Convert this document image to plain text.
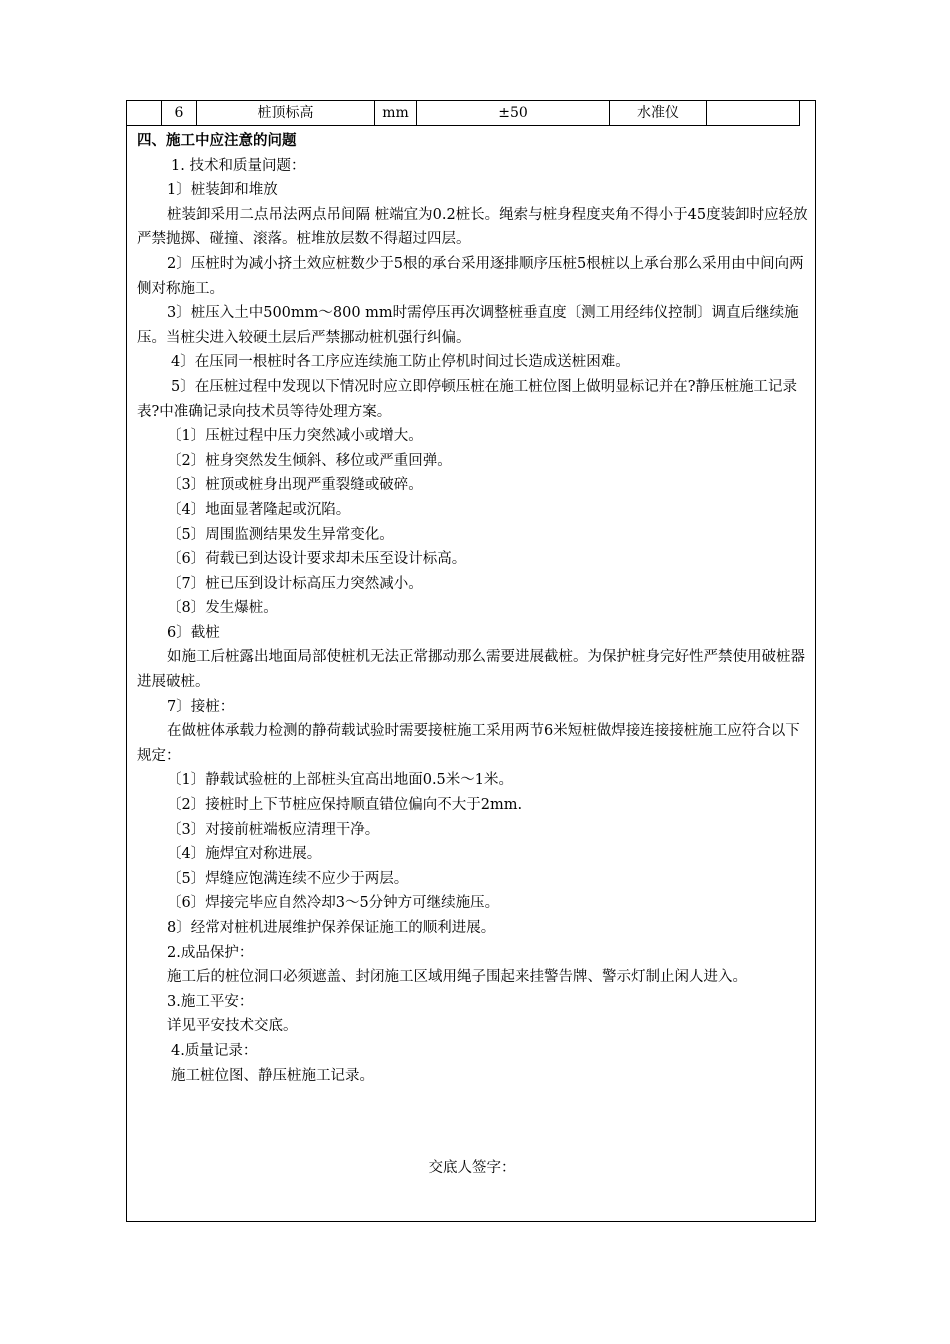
6	桩顶标高	mm	±50	水准仪

四、施工中应注意的问题

1. 技术和质量问题：

1〕桩装卸和堆放

桩装卸采用二点吊法两点吊间隔 桩端宜为0.2桩长。绳索与桩身程度夹角不得小于45度装卸时应轻放严禁抛掷、碰撞、滚落。桩堆放层数不得超过四层。

2〕压桩时为减小挤土效应桩数少于5根的承台采用逐排顺序压桩5根桩以上承台那么采用由中间向两侧对称施工。

3〕桩压入土中500mm～800 mm时需停压再次调整桩垂直度〔测工用经纬仪控制〕调直后继续施压。当桩尖进入较硬土层后严禁挪动桩机强行纠偏。

4〕在压同一根桩时各工序应连续施工防止停机时间过长造成送桩困难。

5〕在压桩过程中发现以下情况时应立即停顿压桩在施工桩位图上做明显标记并在?静压桩施工记录表?中准确记录向技术员等待处理方案。

〔1〕压桩过程中压力突然减小或增大。

〔2〕桩身突然发生倾斜、移位或严重回弹。

〔3〕桩顶或桩身出现严重裂缝或破碎。

〔4〕地面显著隆起或沉陷。

〔5〕周围监测结果发生异常变化。

〔6〕荷载已到达设计要求却未压至设计标高。

〔7〕桩已压到设计标高压力突然减小。

〔8〕发生爆桩。

6〕截桩

如施工后桩露出地面局部使桩机无法正常挪动那么需要进展截桩。为保护桩身完好性严禁使用破桩器进展破桩。

7〕接桩：

在做桩体承载力检测的静荷载试验时需要接桩施工采用两节6米短桩做焊接连接接桩施工应符合以下规定：

〔1〕静载试验桩的上部桩头宜高出地面0.5米～1米。

〔2〕接桩时上下节桩应保持顺直错位偏向不大于2mm.

〔3〕对接前桩端板应清理干净。

〔4〕施焊宜对称进展。

〔5〕焊缝应饱满连续不应少于两层。

〔6〕焊接完毕应自然冷却3～5分钟方可继续施压。

8〕经常对桩机进展维护保养保证施工的顺利进展。

2.成品保护：

施工后的桩位洞口必须遮盖、封闭施工区域用绳子围起来挂警告牌、警示灯制止闲人进入。

3.施工平安：

详见平安技术交底。

4.质量记录：

施工桩位图、静压桩施工记录。

交底人签字：
